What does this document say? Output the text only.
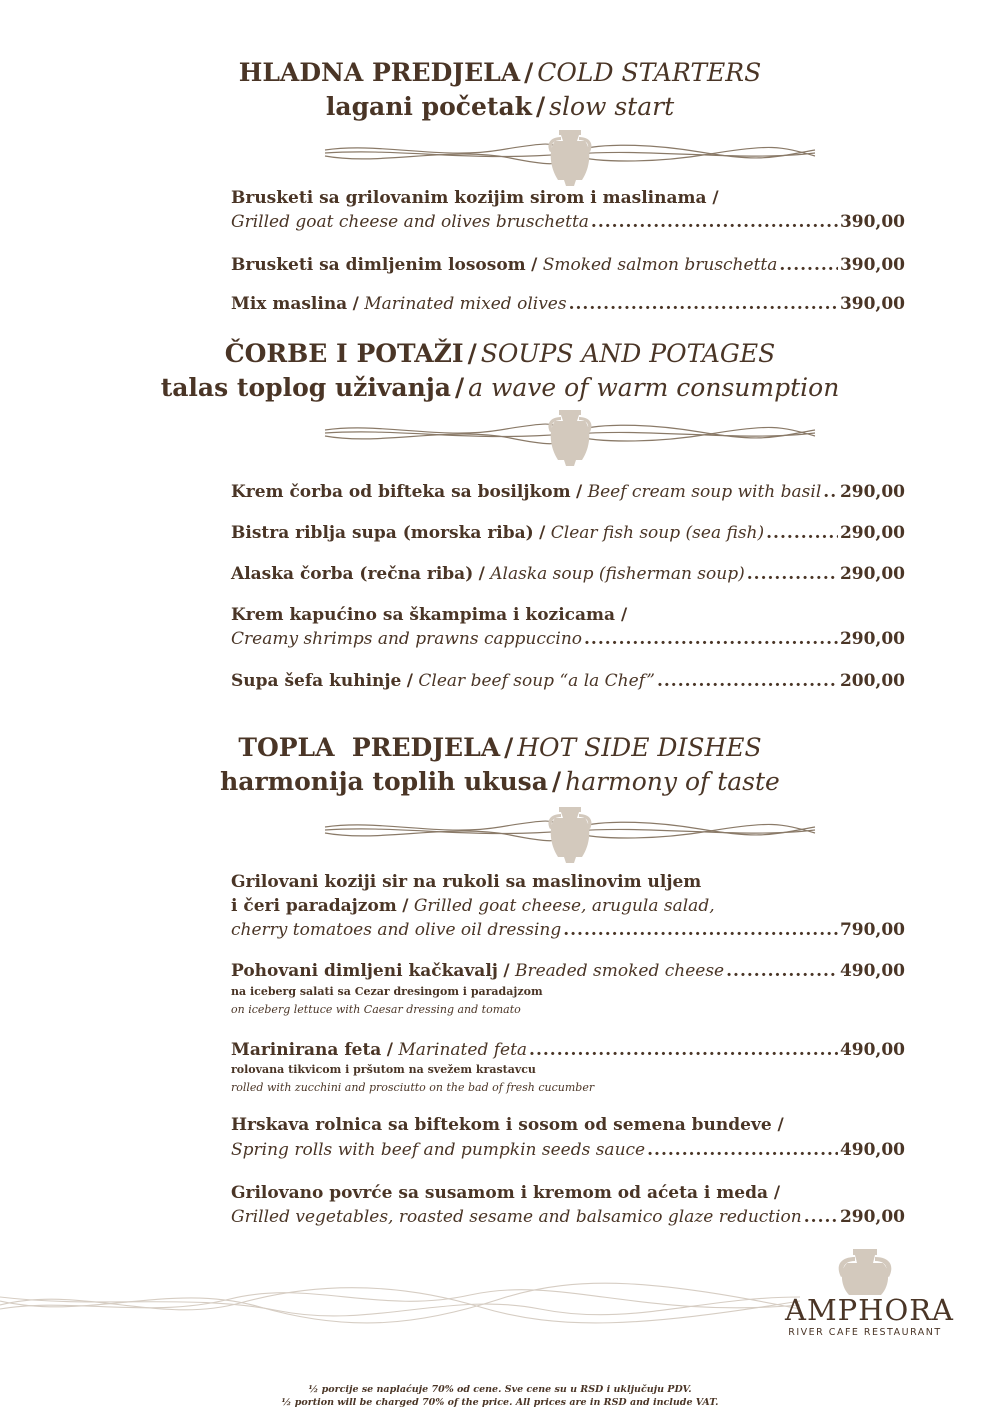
HLADNA PREDJELA / COLD STARTERS
lagani početak / slow start
Brusketi sa grilovanim kozijim sirom i maslinama /
Grilled goat cheese and olives bruschetta .....	390,00
Brusketi sa dimljenim lososom
/
Smoked salmon bruschetta .....	390,00
Mix maslina
/
Marinated mixed olives .....	390,00
ČORBE I POTAŽI / SOUPS AND POTAGES
talas toplog uživanja / a wave of warm consumption
Krem čorba od bifteka sa bosiljkom
/
Beef cream soup with basil ..... 290,00
Bistra riblja supa (morska riba)
/
Clear fish soup (sea fish) .....	290,00
Alaska čorba (rečna riba)
/
Alaska soup (fisherman soup) .....	290,00
Krem kapućino sa škampima i kozicama /
Creamy shrimps and prawns cappuccino .....	290,00
Supa šefa kuhinje
/
Clear beef soup “a la Chef” .....	200,00
TOPLA  PREDJELA / HOT SIDE DISHES
harmonija toplih ukusa / harmony of taste
Grilovani koziji sir na rukoli sa maslinovim uljem
i čeri paradajzom
/
Grilled goat cheese, arugula salad,
cherry tomatoes and olive oil dressing .....	790,00
Pohovani dimljeni kačkavalj
/
Breaded smoked cheese .....	490,00
na iceberg salati sa Cezar dresingom i paradajzom
on iceberg lettuce with Caesar dressing and tomato
Marinirana feta
/
Marinated feta .....	490,00
rolovana tikvicom i pršutom na svežem krastavcu
rolled with zucchini and prosciutto on the bad of fresh cucumber
Hrskava rolnica sa biftekom i sosom od semena bundeve /
Spring rolls with beef and pumpkin seeds sauce .....	490,00
Grilovano povrće sa susamom i kremom od aćeta i meda /
Grilled vegetables, roasted sesame and balsamico glaze reduction ..... 290,00
AMPHORA
RIVER CAFE RESTAURANT
½ porcije se naplaćuje 70% od cene. Sve cene su u RSD i uključuju PDV.
½ portion will be charged 70% of the price. All prices are in RSD and include VAT.
